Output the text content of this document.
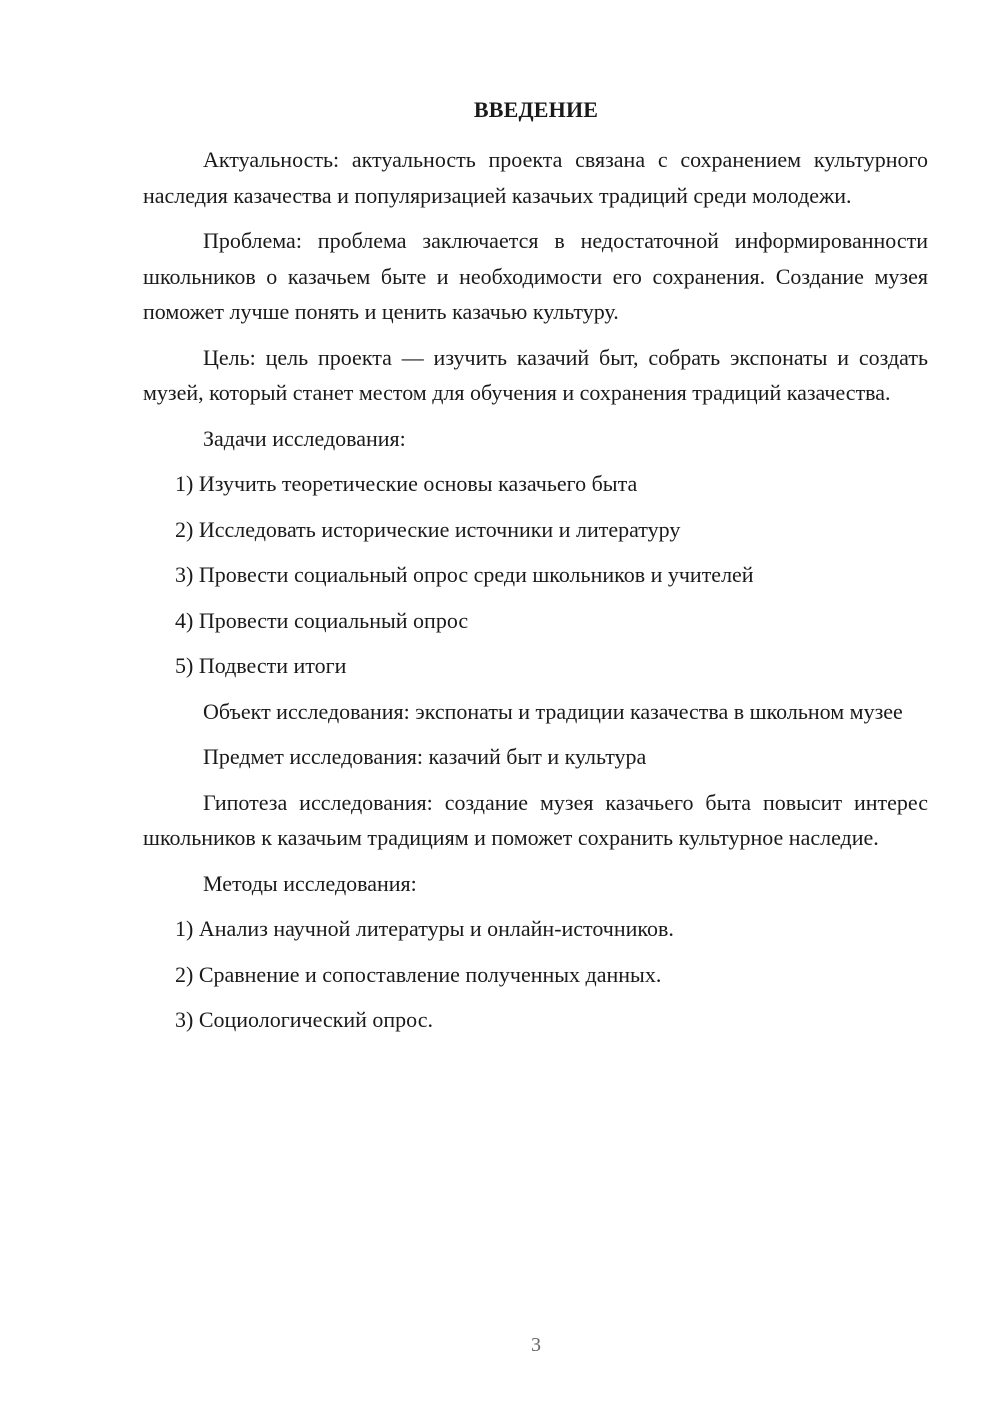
ВВЕДЕНИЕ

Актуальность: актуальность проекта связана с сохранением культурного наследия казачества и популяризацией казачьих традиций среди молодежи.

Проблема: проблема заключается в недостаточной информированности школьников о казачьем быте и необходимости его сохранения. Создание музея поможет лучше понять и ценить казачью культуру.

Цель: цель проекта — изучить казачий быт, собрать экспонаты и создать музей, который станет местом для обучения и сохранения традиций казачества.

Задачи исследования:

1) Изучить теоретические основы казачьего быта

2) Исследовать исторические источники и литературу

3) Провести социальный опрос среди школьников и учителей

4) Провести социальный опрос

5) Подвести итоги

Объект исследования: экспонаты и традиции казачества в школьном музее

Предмет исследования: казачий быт и культура

Гипотеза исследования: создание музея казачьего быта повысит интерес школьников к казачьим традициям и поможет сохранить культурное наследие.

Методы исследования:

1) Анализ научной литературы и онлайн-источников.

2) Сравнение и сопоставление полученных данных.

3) Социологический опрос.

3
